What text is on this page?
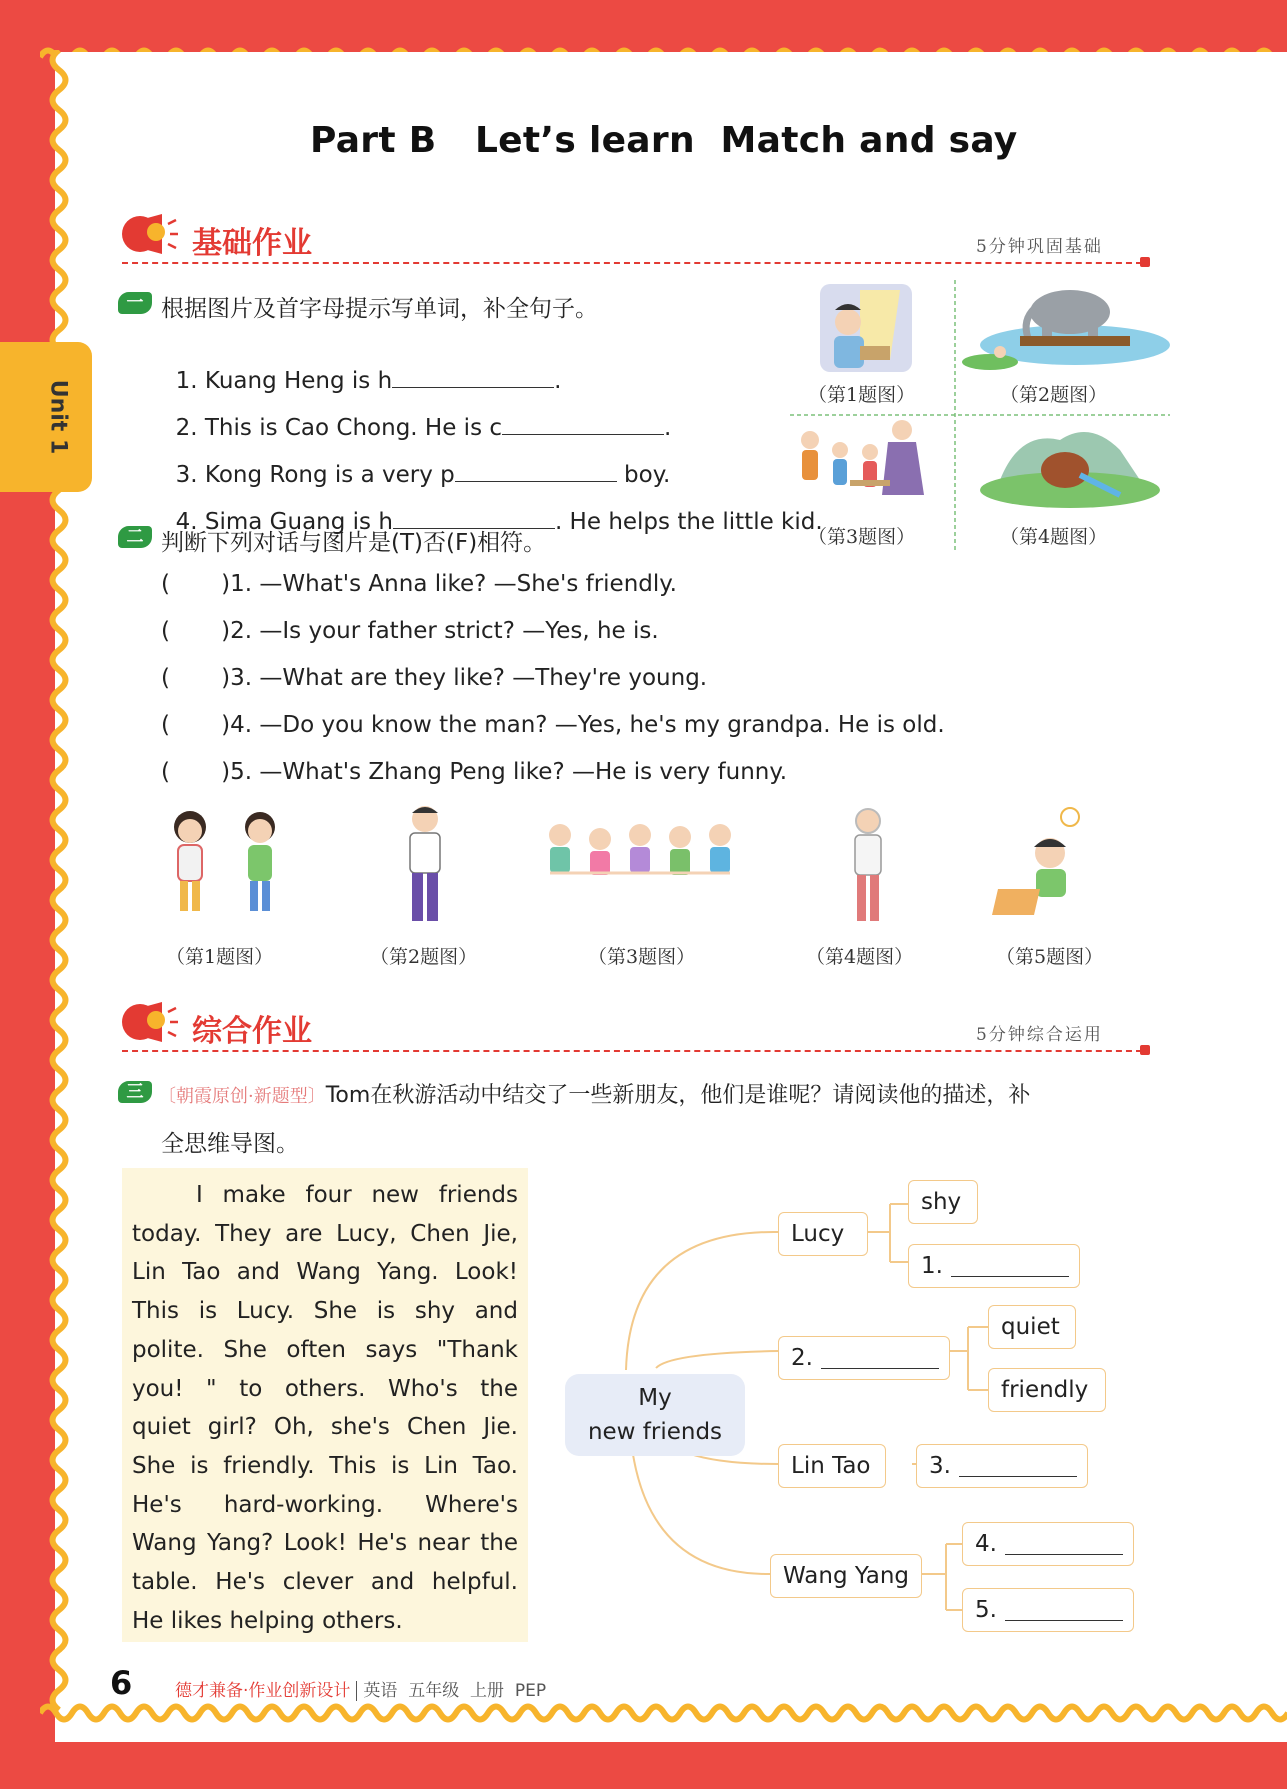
Unit 1
Part B   Let’s learn  Match and say
基础作业	5分钟巩固基础
一 根据图片及首字母提示写单词，补全句子。

1. Kuang Heng is h	.

2. This is Cao Chong. He is c	.

3. Kong Rong is a very p	boy.

4. Sima Guang is h	. He helps the little kid.

（第1题图）	（第2题图）
（第3题图）	（第4题图）
二 判断下列对话与图片是(T)否(F)相符。
(       )1. —What's Anna like? —She's friendly.
(       )2. —Is your father strict? —Yes, he is.
(       )3. —What are they like? —They're young.
(       )4. —Do you know the man? —Yes, he's my grandpa. He is old.
(       )5. —What's Zhang Peng like? —He is very funny.
（第1题图）	（第2题图）	（第3题图）	（第4题图）	（第5题图）
综合作业	5分钟综合运用
三 〔朝霞原创·新题型〕Tom在秋游活动中结交了一些新朋友，他们是谁呢？请阅读他的描述，补
全思维导图。
I make four new friends
today. They are Lucy, Chen Jie,
Lin Tao and Wang Yang. Look!
This is Lucy. She is shy and
polite. She often says "Thank
you! " to others. Who's the
quiet girl? Oh, she's Chen Jie.
She is friendly. This is Lin Tao.
He's hard-working. Where's
Wang Yang? Look! He's near the
table. He's clever and helpful.
He likes helping others.
My
new friends
Lucy
shy
1.
2.
quiet
friendly
Lin Tao	3.
Wang Yang
4.
5.
6	德才兼备·作业创新设计 英语  五年级  上册  PEP
